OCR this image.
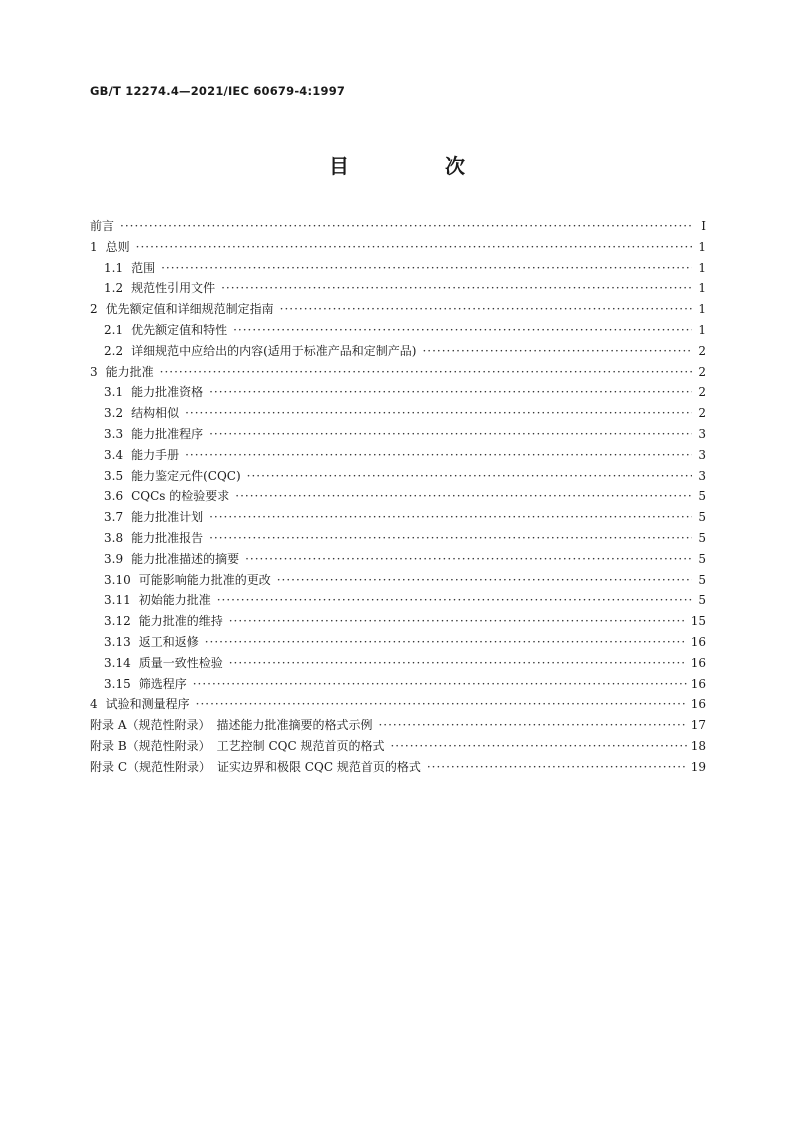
GB/T 12274.4—2021/IEC 60679-4:1997
目　次
前言 ·····	Ⅰ
1 总则 ·····	1
1.1 范围 ·····	1
1.2 规范性引用文件 ·····	1
2 优先额定值和详细规范制定指南 ·····	1
2.1 优先额定值和特性 ·····	1
2.2 详细规范中应给出的内容(适用于标准产品和定制产品) ·····	2
3 能力批准 ·····	2
3.1 能力批准资格 ·····	2
3.2 结构相似 ·····	2
3.3 能力批准程序 ·····	3
3.4 能力手册 ·····	3
3.5 能力鉴定元件(CQC) ·····	3
3.6 CQCs 的检验要求 ·····	5
3.7 能力批准计划 ·····	5
3.8 能力批准报告 ·····	5
3.9 能力批准描述的摘要 ·····	5
3.10 可能影响能力批准的更改 ·····	5
3.11 初始能力批准 ·····	5
3.12 能力批准的维持 ·····	15
3.13 返工和返修 ·····	16
3.14 质量一致性检验 ·····	16
3.15 筛选程序 ·····	16
4 试验和测量程序 ·····	16
附录 A（规范性附录）　描述能力批准摘要的格式示例 ·····	17
附录 B（规范性附录）　工艺控制 CQC 规范首页的格式 ·····	18
附录 C（规范性附录）　证实边界和极限 CQC 规范首页的格式 ·····	19
